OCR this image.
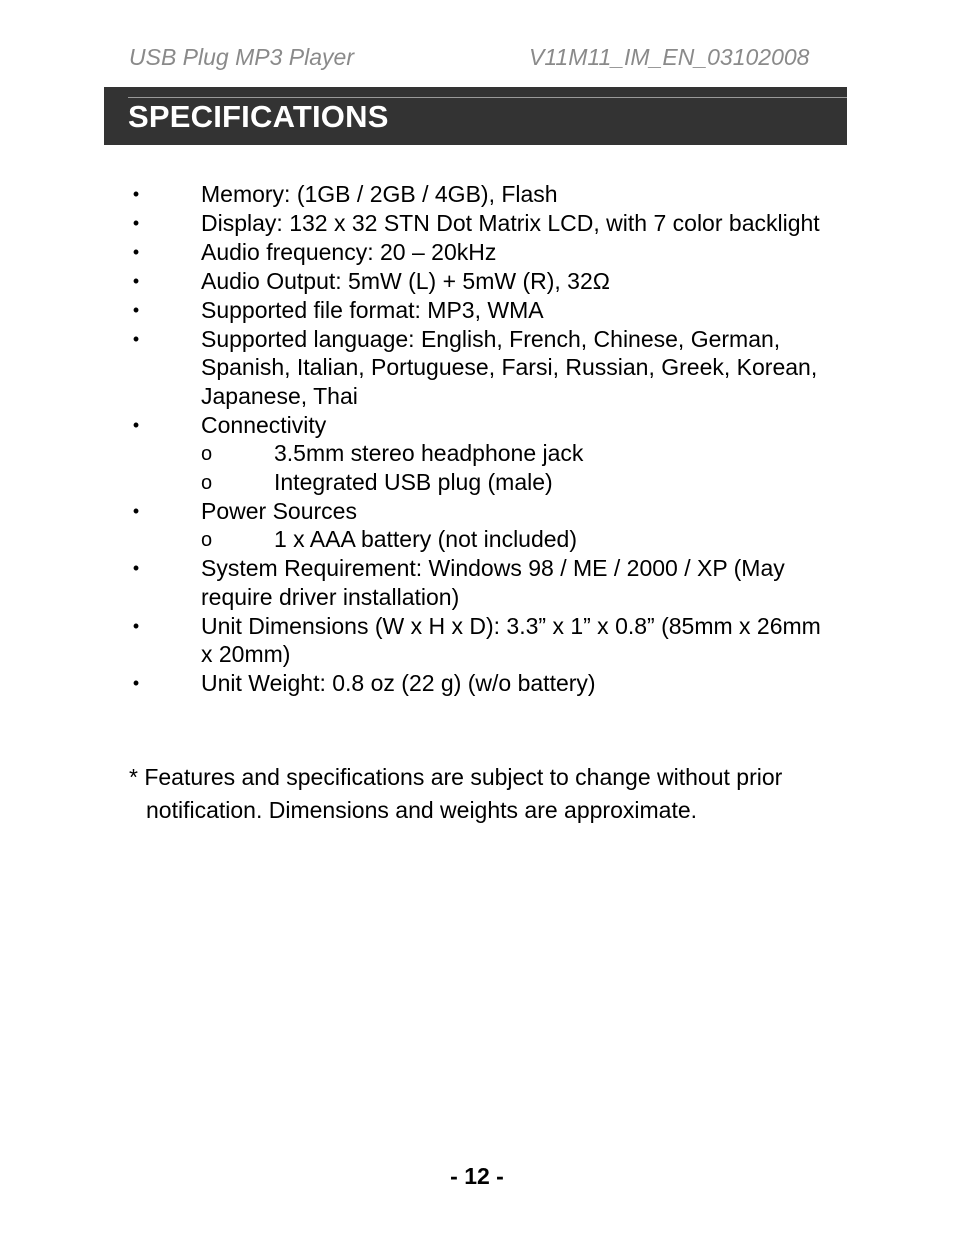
USB Plug MP3 Player	V11M11_IM_EN_03102008
SPECIFICATIONS
•	Memory: (1GB / 2GB / 4GB), Flash
•	Display: 132 x 32 STN Dot Matrix LCD, with 7 color backlight
•	Audio frequency: 20 – 20kHz
•	Audio Output: 5mW (L) + 5mW (R), 32Ω
•	Supported file format: MP3, WMA
•	Supported language: English, French, Chinese, German, Spanish, Italian, Portuguese, Farsi, Russian, Greek, Korean, Japanese, Thai
•	Connectivity
o	3.5mm stereo headphone jack
o	Integrated USB plug (male)
•	Power Sources
o	1 x AAA battery (not included)
•	System Requirement: Windows 98 / ME / 2000 / XP (May require driver installation)
•	Unit Dimensions (W x H x D): 3.3” x 1” x 0.8” (85mm x 26mm x 20mm)
•	Unit Weight: 0.8 oz (22 g) (w/o battery)
* Features and specifications are subject to change without prior
notification. Dimensions and weights are approximate.
- 12 -
